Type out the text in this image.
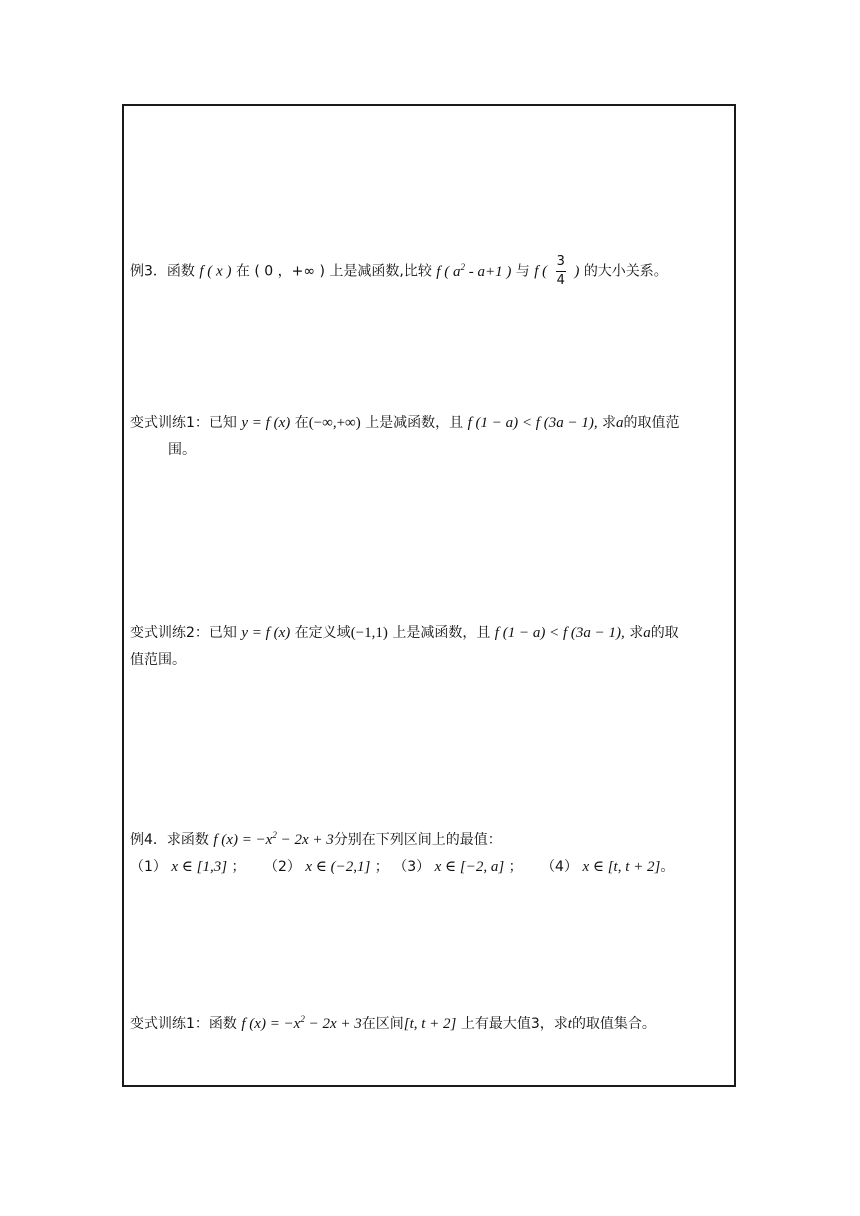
例3．函数 f ( x ) 在 ( 0 ，+∞ ) 上是减函数,比较 f ( $a^2 - a+1$ ) 与 f ( $\frac{3}{4}$ ) 的大小关系。
变式训练1：已知 y = f (x) 在(−∞,+∞) 上是减函数，且 f (1 − a) < f (3a − 1), 求a的取值范
围。
变式训练2：已知 y = f (x) 在定义域(−1,1) 上是减函数，且 f (1 − a) < f (3a − 1), 求a的取
值范围。
例4．求函数 f $(x) = -x^2 - 2x + 3$分别在下列区间上的最值：
（1） x ∈ [1,3] ； （2） x ∈ (−2,1] ； （3） x ∈ [−2, a] ； （4） x ∈ [t, t + 2]。
变式训练1：函数 f $(x) = -x^2 - 2x + 3$在区间[t, t + 2] 上有最大值3，求t的取值集合。
